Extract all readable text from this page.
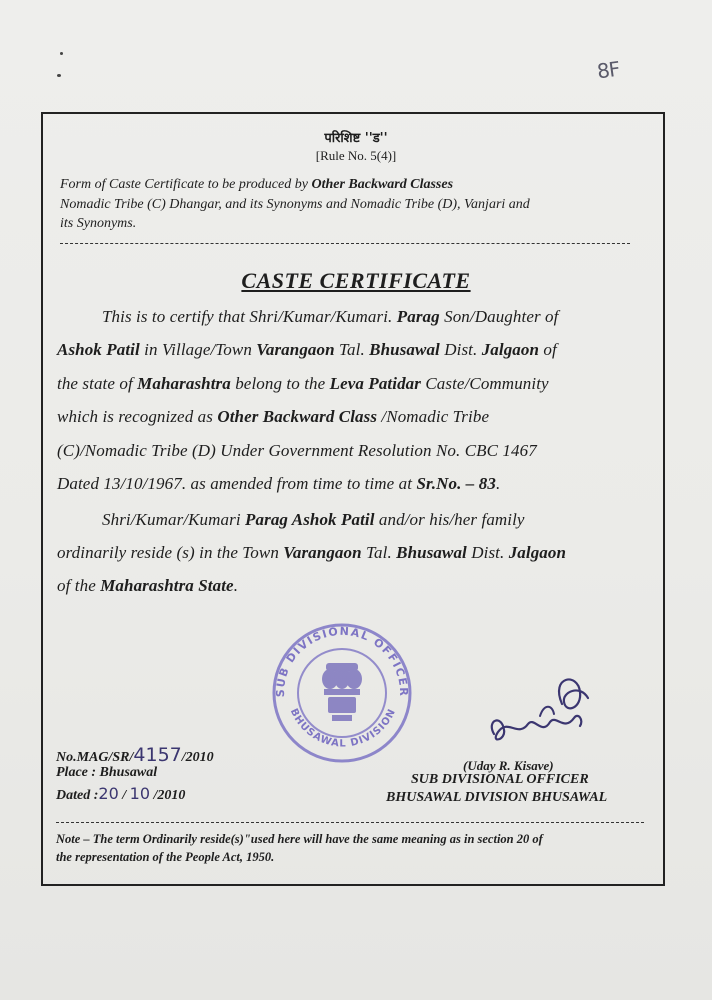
8F
परिशिष्ट ''ड''
[Rule No. 5(4)]
Form of Caste Certificate to be produced by Other Backward Classes
Nomadic Tribe (C) Dhangar, and its Synonyms and Nomadic Tribe (D), Vanjari and
its Synonyms.
CASTE CERTIFICATE
This is to certify that Shri/Kumar/Kumari. Parag Son/Daughter of
Ashok Patil in Village/Town Varangaon Tal. Bhusawal Dist. Jalgaon of
the state of Maharashtra belong to the Leva Patidar Caste/Community
which is recognized as Other Backward Class /Nomadic Tribe
(C)/Nomadic Tribe (D) Under Government Resolution No. CBC 1467
Dated 13/10/1967. as amended from time to time at Sr.No. – 83.
Shri/Kumar/Kumari Parag Ashok Patil and/or his/her family
ordinarily reside (s) in the Town Varangaon Tal. Bhusawal Dist. Jalgaon
of the Maharashtra State.
SUB DIVISIONAL OFFICER
BHUSAWAL DIVISION
No.MAG/SR/4157/2010
Place : Bhusawal
Dated :20 / 10 /2010
(Uday R. Kisave)
SUB DIVISIONAL OFFICER
BHUSAWAL DIVISION BHUSAWAL
Note – The term Ordinarily reside(s)"used here will have the same meaning as in section 20 of
the representation of the People Act, 1950.
